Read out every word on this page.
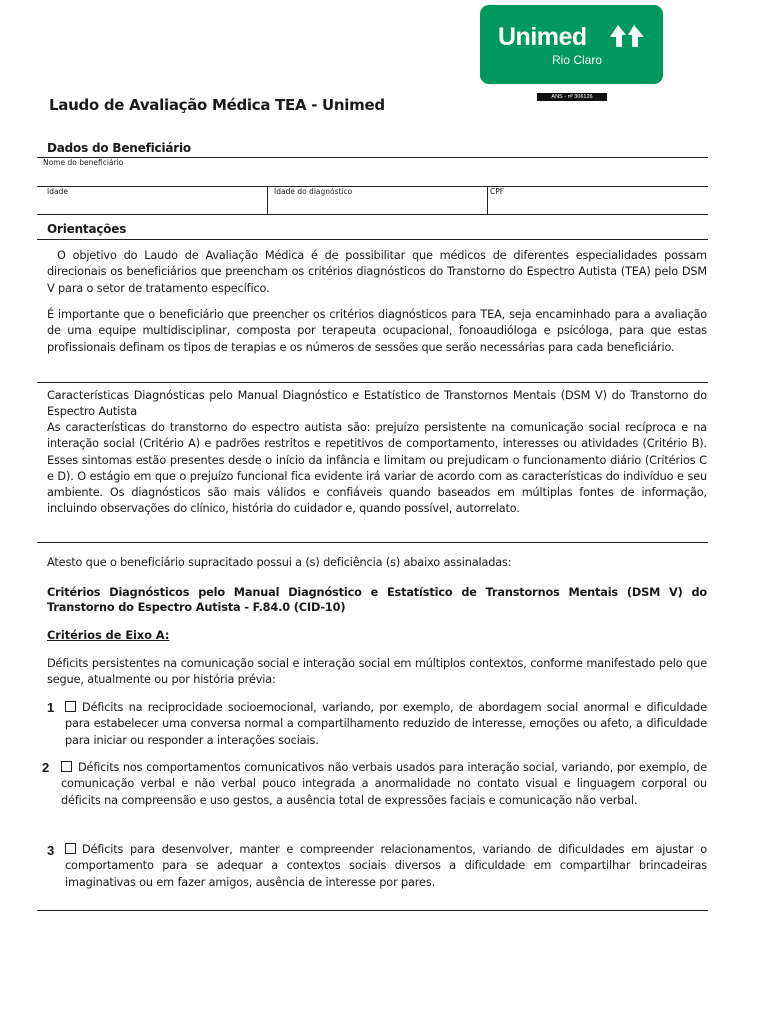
Unimed
Rio Claro
ANS - nº 306126
Laudo de Avaliação Médica TEA - Unimed
Dados do Beneficiário
Nome do beneficiário
Idade	Idade do diagnóstico	CPF
Orientações

O objetivo do Laudo de Avaliação Médica é de possibilitar que médicos de diferentes especialidades possam direcionais os beneficiários que preencham os critérios diagnósticos do Transtorno do Espectro Autista (TEA) pelo DSM V para o setor de tratamento específico.

É importante que o beneficiário que preencher os critérios diagnósticos para TEA, seja encaminhado para a avaliação de uma equipe multidisciplinar, composta por terapeuta ocupacional, fonoaudióloga e psicóloga, para que estas profissionais definam os tipos de terapias e os números de sessões que serão necessárias para cada beneficiário.

Características Diagnósticas pelo Manual Diagnóstico e Estatístico de Transtornos Mentais (DSM V) do Transtorno do Espectro Autista

As características do transtorno do espectro autista são: prejuízo persistente na comunicação social recíproca e na interação social (Critério A) e padrões restritos e repetitivos de comportamento, interesses ou atividades (Critério B). Esses sintomas estão presentes desde o início da infância e limitam ou prejudicam o funcionamento diário (Critérios C e D). O estágio em que o prejuízo funcional fica evidente irá variar de acordo com as características do indivíduo e seu ambiente. Os diagnósticos são mais válidos e confiáveis quando baseados em múltiplas fontes de informação, incluindo observações do clínico, história do cuidador e, quando possível, autorrelato.

Atesto que o beneficiário supracitado possui a (s) deficiência (s) abaixo assinaladas:

Critérios Diagnósticos pelo Manual Diagnóstico e Estatístico de Transtornos Mentais (DSM V) do Transtorno do Espectro Autista - F.84.0 (CID-10)

Critérios de Eixo A:

Déficits persistentes na comunicação social e interação social em múltiplos contextos, conforme manifestado pelo que segue, atualmente ou por história prévia:

1	Déficits na reciprocidade socioemocional, variando, por exemplo, de abordagem social anormal e dificuldade para estabelecer uma conversa normal a compartilhamento reduzido de interesse, emoções ou afeto, a dificuldade para iniciar ou responder a interações sociais.

2	Déficits nos comportamentos comunicativos não verbais usados para interação social, variando, por exemplo, de comunicação verbal e não verbal pouco integrada a anormalidade no contato visual e linguagem corporal ou déficits na compreensão e uso gestos, a ausência total de expressões faciais e comunicação não verbal.

3	Déficits para desenvolver, manter e compreender relacionamentos, variando de dificuldades em ajustar o comportamento para se adequar a contextos sociais diversos a dificuldade em compartilhar brincadeiras imaginativas ou em fazer amigos, ausência de interesse por pares.
